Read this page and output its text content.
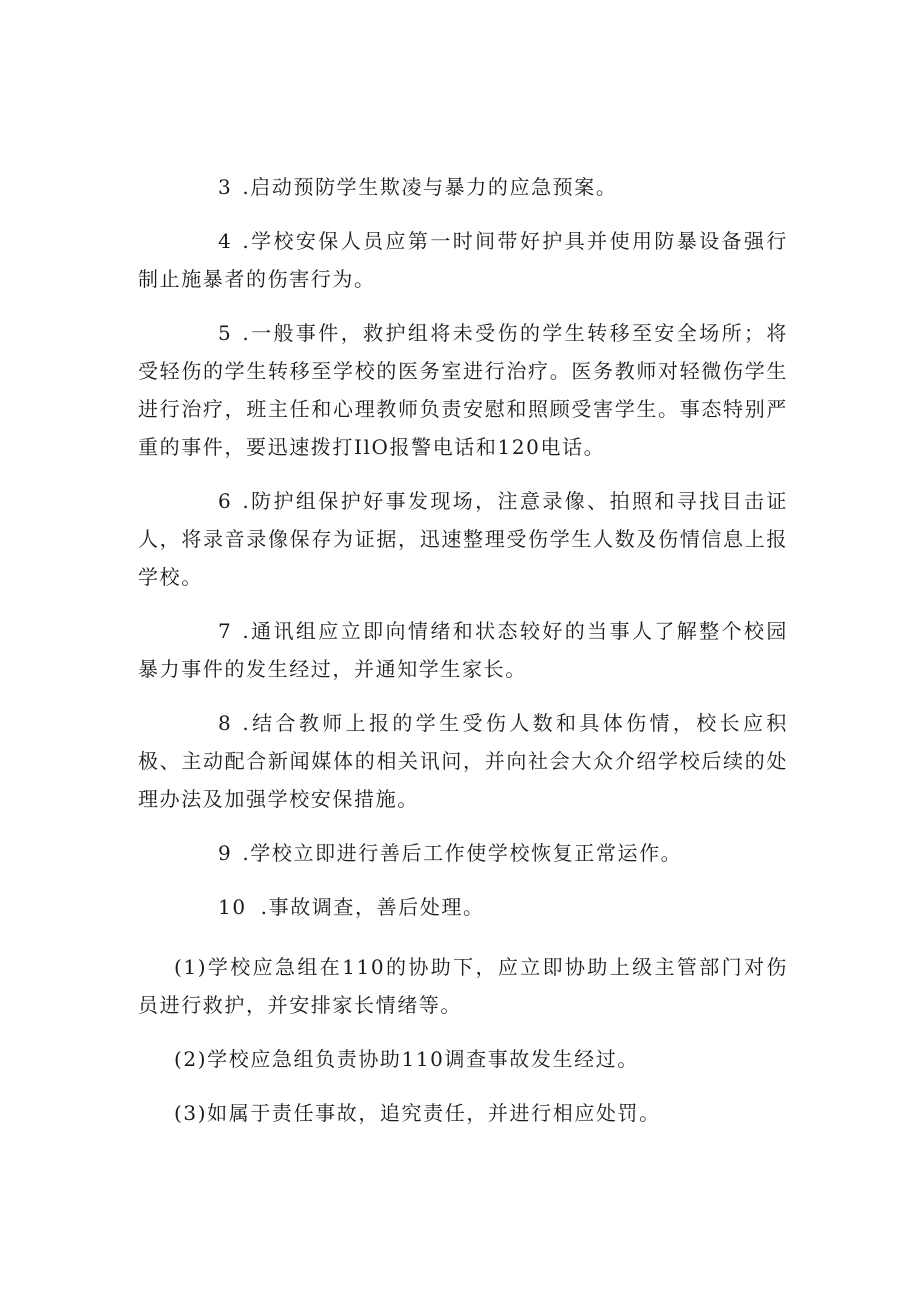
3 .启动预防学生欺凌与暴力的应急预案。

4 .学校安保人员应第一时间带好护具并使用防暴设备强行制止施暴者的伤害行为。

5 .一般事件，救护组将未受伤的学生转移至安全场所；将受轻伤的学生转移至学校的医务室进行治疗。医务教师对轻微伤学生进行治疗，班主任和心理教师负责安慰和照顾受害学生。事态特别严重的事件，要迅速拨打IlO报警电话和120电话。

6 .防护组保护好事发现场，注意录像、拍照和寻找目击证人，将录音录像保存为证据，迅速整理受伤学生人数及伤情信息上报学校。

7 .通讯组应立即向情绪和状态较好的当事人了解整个校园暴力事件的发生经过，并通知学生家长。

8 .结合教师上报的学生受伤人数和具体伤情，校长应积极、主动配合新闻媒体的相关讯问，并向社会大众介绍学校后续的处理办法及加强学校安保措施。

9 .学校立即进行善后工作使学校恢复正常运作。

10 .事故调查，善后处理。

(1)学校应急组在110的协助下，应立即协助上级主管部门对伤员进行救护，并安排家长情绪等。

(2)学校应急组负责协助110调查事故发生经过。

(3)如属于责任事故，追究责任，并进行相应处罚。
